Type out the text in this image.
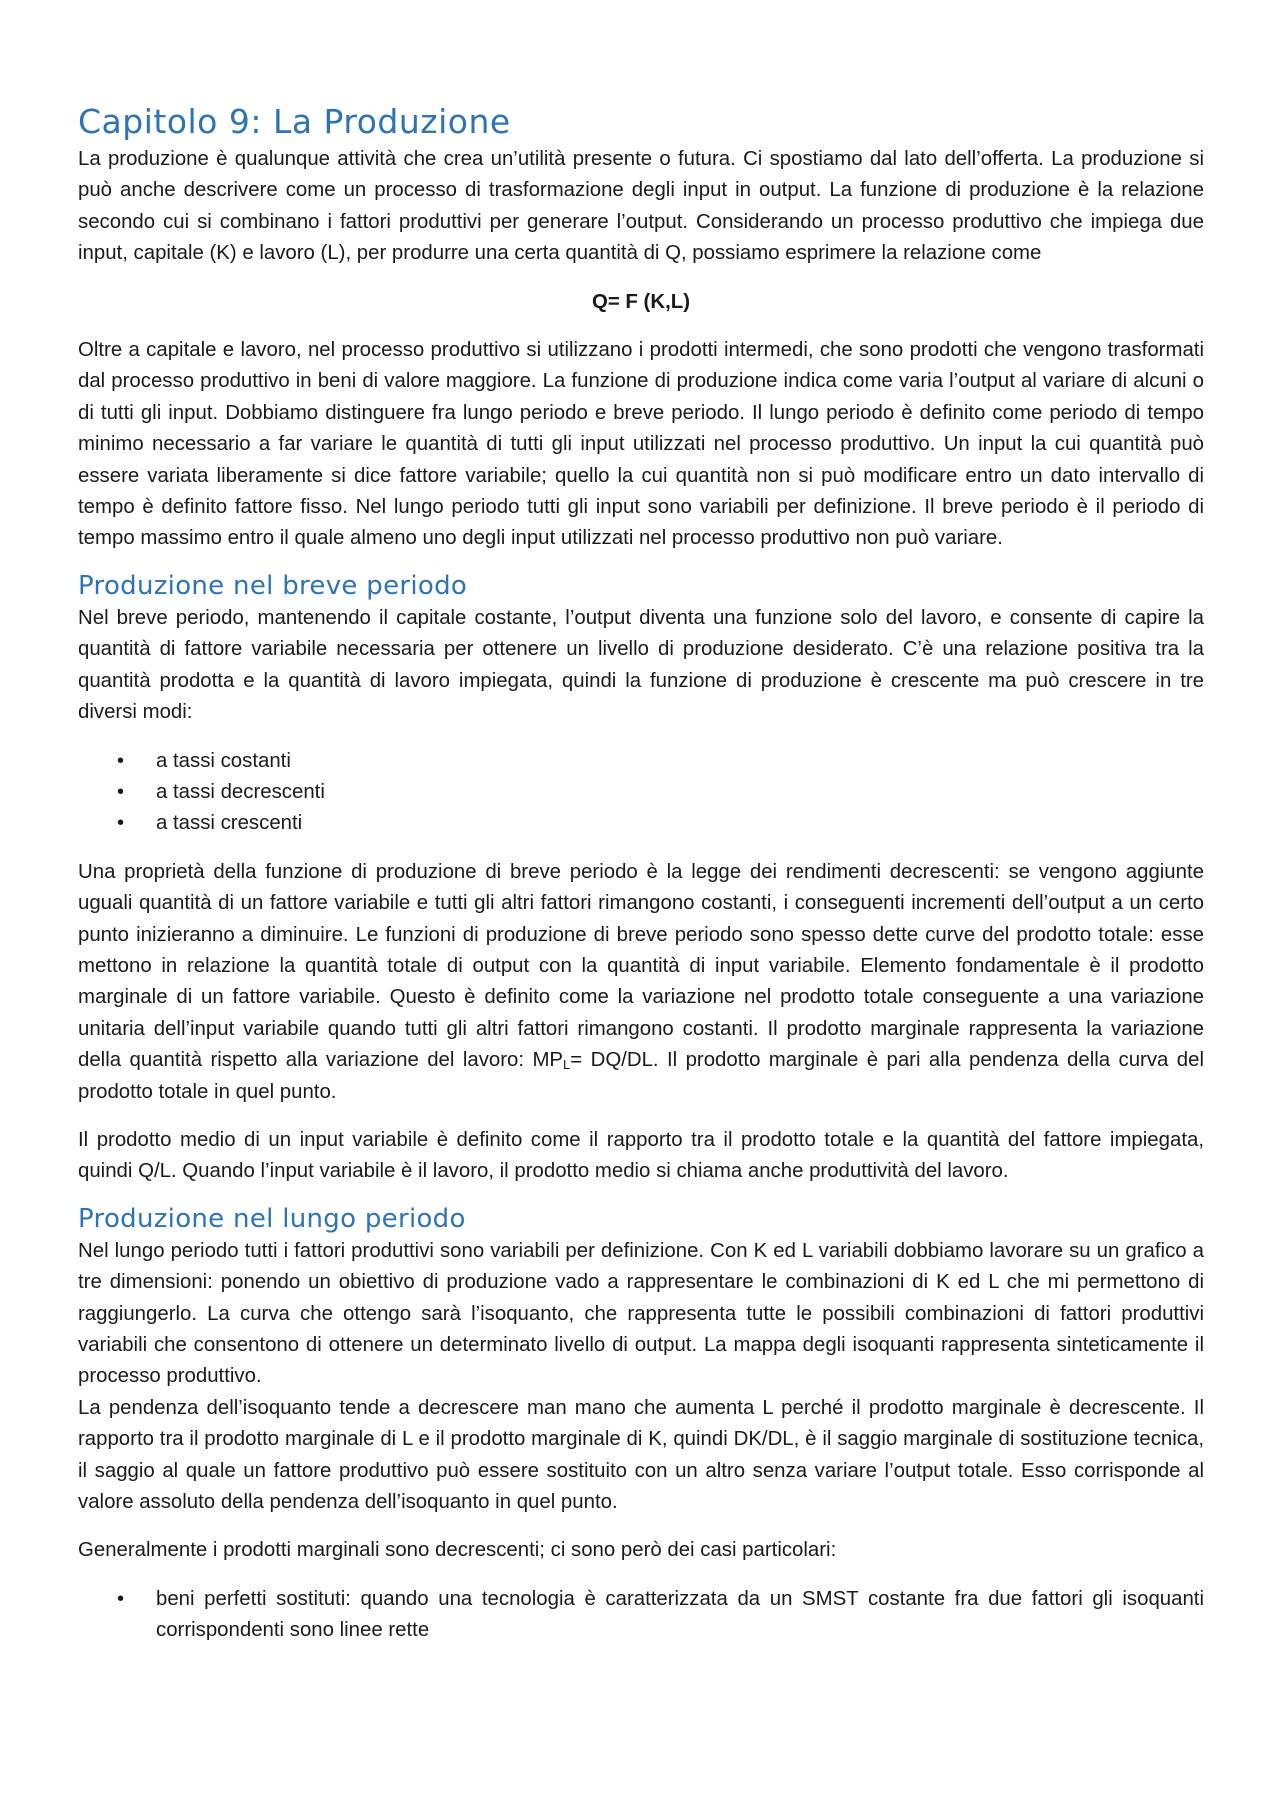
Capitolo 9: La Produzione

La produzione è qualunque attività che crea un’utilità presente o futura. Ci spostiamo dal lato dell’offerta. La produzione si può anche descrivere come un processo di trasformazione degli input in output. La funzione di produzione è la relazione secondo cui si combinano i fattori produttivi per generare l’output. Considerando un processo produttivo che impiega due input, capitale (K) e lavoro (L), per produrre una certa quantità di Q, possiamo esprimere la relazione come

Q= F (K,L)

Oltre a capitale e lavoro, nel processo produttivo si utilizzano i prodotti intermedi, che sono prodotti che vengono trasformati dal processo produttivo in beni di valore maggiore. La funzione di produzione indica come varia l’output al variare di alcuni o di tutti gli input. Dobbiamo distinguere fra lungo periodo e breve periodo. Il lungo periodo è definito come periodo di tempo minimo necessario a far variare le quantità di tutti gli input utilizzati nel processo produttivo. Un input la cui quantità può essere variata liberamente si dice fattore variabile; quello la cui quantità non si può modificare entro un dato intervallo di tempo è definito fattore fisso. Nel lungo periodo tutti gli input sono variabili per definizione. Il breve periodo è il periodo di tempo massimo entro il quale almeno uno degli input utilizzati nel processo produttivo non può variare.

Produzione nel breve periodo

Nel breve periodo, mantenendo il capitale costante, l’output diventa una funzione solo del lavoro, e consente di capire la quantità di fattore variabile necessaria per ottenere un livello di produzione desiderato. C’è una relazione positiva tra la quantità prodotta e la quantità di lavoro impiegata, quindi la funzione di produzione è crescente ma può crescere in tre diversi modi:

• a tassi costanti
• a tassi decrescenti
• a tassi crescenti

Una proprietà della funzione di produzione di breve periodo è la legge dei rendimenti decrescenti: se vengono aggiunte uguali quantità di un fattore variabile e tutti gli altri fattori rimangono costanti, i conseguenti incrementi dell’output a un certo punto inizieranno a diminuire. Le funzioni di produzione di breve periodo sono spesso dette curve del prodotto totale: esse mettono in relazione la quantità totale di output con la quantità di input variabile. Elemento fondamentale è il prodotto marginale di un fattore variabile. Questo è definito come la variazione nel prodotto totale conseguente a una variazione unitaria dell’input variabile quando tutti gli altri fattori rimangono costanti. Il prodotto marginale rappresenta la variazione della quantità rispetto alla variazione del lavoro: $MP_L= DQ/DL$. Il prodotto marginale è pari alla pendenza della curva del prodotto totale in quel punto.

Il prodotto medio di un input variabile è definito come il rapporto tra il prodotto totale e la quantità del fattore impiegata, quindi Q/L. Quando l’input variabile è il lavoro, il prodotto medio si chiama anche produttività del lavoro.

Produzione nel lungo periodo

Nel lungo periodo tutti i fattori produttivi sono variabili per definizione. Con K ed L variabili dobbiamo lavorare su un grafico a tre dimensioni: ponendo un obiettivo di produzione vado a rappresentare le combinazioni di K ed L che mi permettono di raggiungerlo. La curva che ottengo sarà l’isoquanto, che rappresenta tutte le possibili combinazioni di fattori produttivi variabili che consentono di ottenere un determinato livello di output. La mappa degli isoquanti rappresenta sinteticamente il processo produttivo.

La pendenza dell’isoquanto tende a decrescere man mano che aumenta L perché il prodotto marginale è decrescente. Il rapporto tra il prodotto marginale di L e il prodotto marginale di K, quindi DK/DL, è il saggio marginale di sostituzione tecnica, il saggio al quale un fattore produttivo può essere sostituito con un altro senza variare l’output totale. Esso corrisponde al valore assoluto della pendenza dell’isoquanto in quel punto.

Generalmente i prodotti marginali sono decrescenti; ci sono però dei casi particolari:

• beni perfetti sostituti: quando una tecnologia è caratterizzata da un SMST costante fra due fattori gli isoquanti corrispondenti sono linee rette
